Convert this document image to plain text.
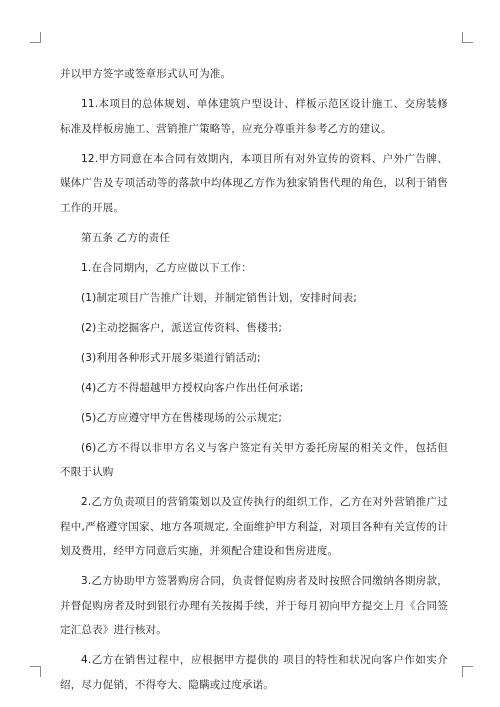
并以甲方签字或签章形式认可为准。

11.本项目的总体规划、单体建筑户型设计、样板示范区设计施工、交房装修标准及样板房施工、营销推广策略等，应充分尊重并参考乙方的建议。

12.甲方同意在本合同有效期内，本项目所有对外宣传的资料、户外广告牌、媒体广告及专项活动等的落款中均体现乙方作为独家销售代理的角色，以利于销售工作的开展。

第五条 乙方的责任

1.在合同期内，乙方应做以下工作：

(1)制定项目广告推广计划，并制定销售计划，安排时间表;

(2)主动挖掘客户，派送宣传资料、售楼书;

(3)利用各种形式开展多渠道行销活动;

(4)乙方不得超越甲方授权向客户作出任何承诺;

(5)乙方应遵守甲方在售楼现场的公示规定;

(6)乙方不得以非甲方名义与客户签定有关甲方委托房屋的相关文件，包括但不限于认购

2.乙方负责项目的营销策划以及宣传执行的组织工作，乙方在对外营销推广过程中,严格遵守国家、地方各项规定, 全面维护甲方利益，对项目各种有关宣传的计划及费用，经甲方同意后实施，并须配合建设和售房进度。

3.乙方协助甲方签署购房合同，负责督促购房者及时按照合同缴纳各期房款，并督促购房者及时到银行办理有关按揭手续，并于每月初向甲方提交上月《合同签定汇总表》进行核对。

4.乙方在销售过程中，应根据甲方提供的 项目的特性和状况向客户作如实介绍，尽力促销，不得夸大、隐瞒或过度承诺。
